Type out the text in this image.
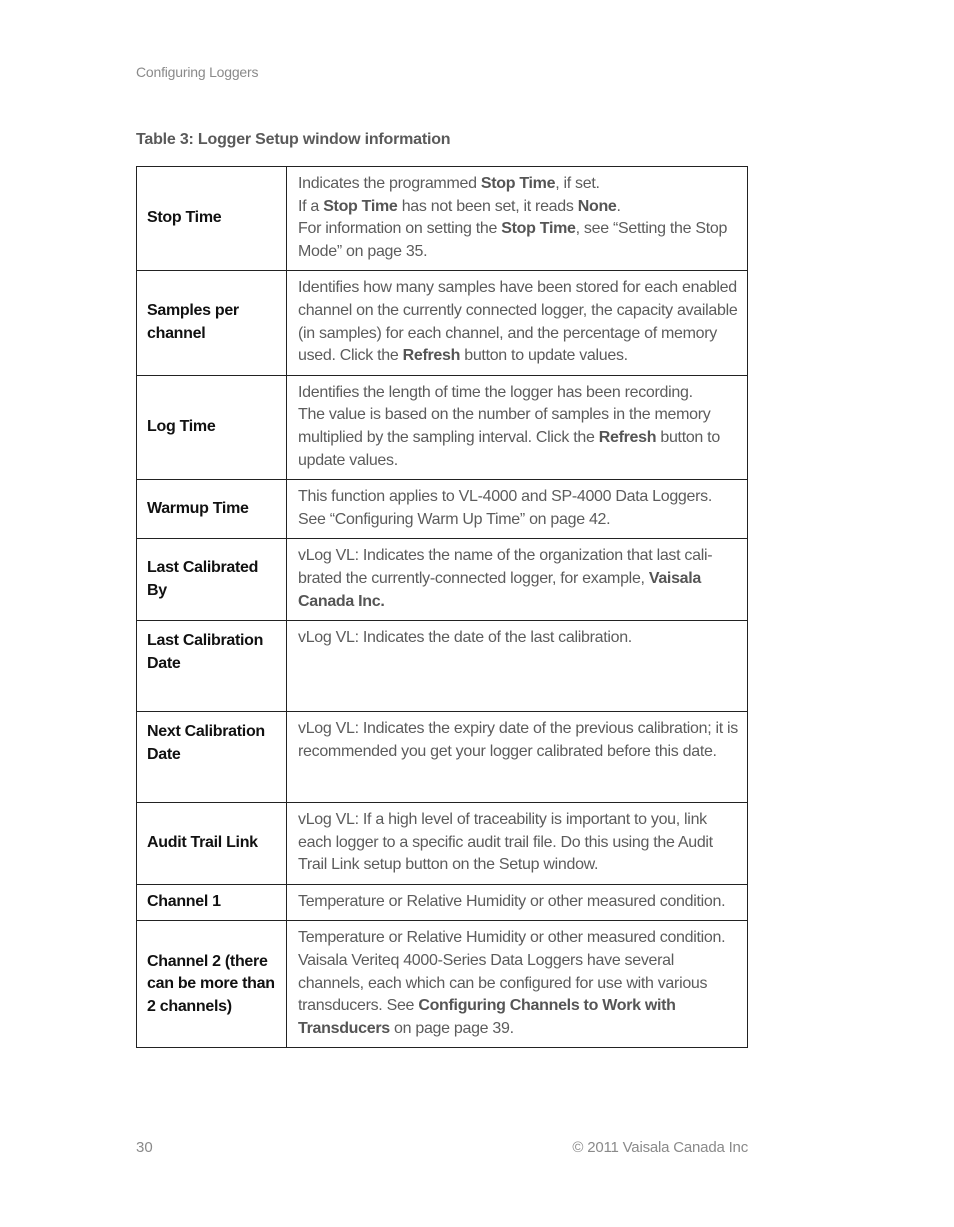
Configuring Loggers
Table 3: Logger Setup window information
Stop Time	Indicates the programmed Stop Time, if set.
If a Stop Time has not been set, it reads None.
For information on setting the Stop Time, see “Setting the Stop Mode” on page 35.

Samples per channel	Identifies how many samples have been stored for each enabled channel on the currently connected logger, the capacity available (in samples) for each channel, and the percentage of memory used. Click the Refresh button to update values.

Log Time	Identifies the length of time the logger has been recording.
The value is based on the number of samples in the memory multiplied by the sampling interval. Click the Refresh button to update values.

Warmup Time	This function applies to VL-4000 and SP-4000 Data Loggers. See “Configuring Warm Up Time” on page 42.

Last Calibrated By	vLog VL: Indicates the name of the organization that last cali-brated the currently-connected logger, for example, Vaisala Canada Inc.

Last Calibration Date	vLog VL: Indicates the date of the last calibration.

Next Calibration Date	vLog VL: Indicates the expiry date of the previous calibration; it is recommended you get your logger calibrated before this date.

Audit Trail Link	vLog VL: If a high level of traceability is important to you, link each logger to a specific audit trail file. Do this using the Audit Trail Link setup button on the Setup window.

Channel 1	Temperature or Relative Humidity or other measured condition.

Channel 2 (there can be more than 2 channels)	Temperature or Relative Humidity or other measured condition.
Vaisala Veriteq 4000-Series Data Loggers have several channels, each which can be configured for use with various transducers. See Configuring Channels to Work with Transducers on page page 39.
30	© 2011 Vaisala Canada Inc
